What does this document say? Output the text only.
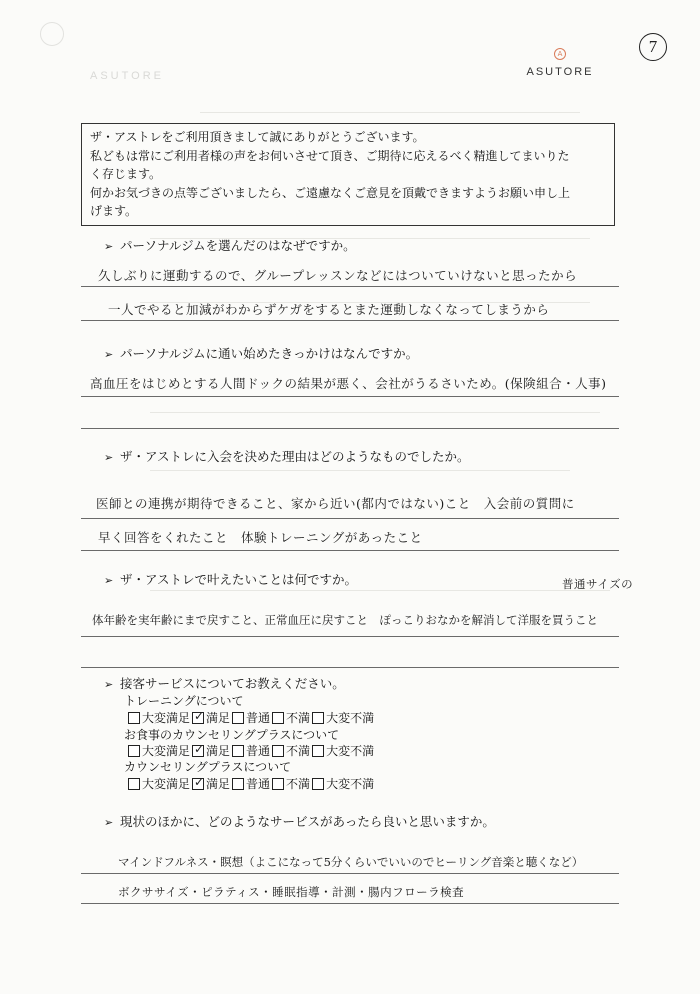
ASUTORE
A
ASUTORE
7
ザ・アストレをご利用頂きまして誠にありがとうございます。
私どもは常にご利用者様の声をお伺いさせて頂き、ご期待に応えるべく精進してまいりた
く存じます。
何かお気づきの点等ございましたら、ご遠慮なくご意見を頂戴できますようお願い申し上
げます。
➢ パーソナルジムを選んだのはなぜですか。
久しぶりに運動するので、グループレッスンなどにはついていけないと思ったから
一人でやると加減がわからずケガをするとまた運動しなくなってしまうから
➢ パーソナルジムに通い始めたきっかけはなんですか。
高血圧をはじめとする人間ドックの結果が悪く、会社がうるさいため。(保険組合・人事)
➢ ザ・アストレに入会を決めた理由はどのようなものでしたか。
医師との連携が期待できること、家から近い(都内ではない)こと　入会前の質問に
早く回答をくれたこと　体験トレーニングがあったこと
➢ ザ・アストレで叶えたいことは何ですか。	普通サイズの
体年齢を実年齢にまで戻すこと、正常血圧に戻すこと　ぽっこりおなかを解消して洋服を買うこと
➢ 接客サービスについてお教えください。
トレーニングについて
大変満足 ✓ 満足 普通 不満 大変不満
お食事のカウンセリングプラスについて
大変満足 ✓ 満足 普通 不満 大変不満
カウンセリングプラスについて
大変満足 ✓ 満足 普通 不満 大変不満
➢ 現状のほかに、どのようなサービスがあったら良いと思いますか。
マインドフルネス・瞑想（よこになって5分くらいでいいのでヒーリング音楽と聴くなど）
ボクササイズ・ピラティス・睡眠指導・計測・腸内フローラ検査
